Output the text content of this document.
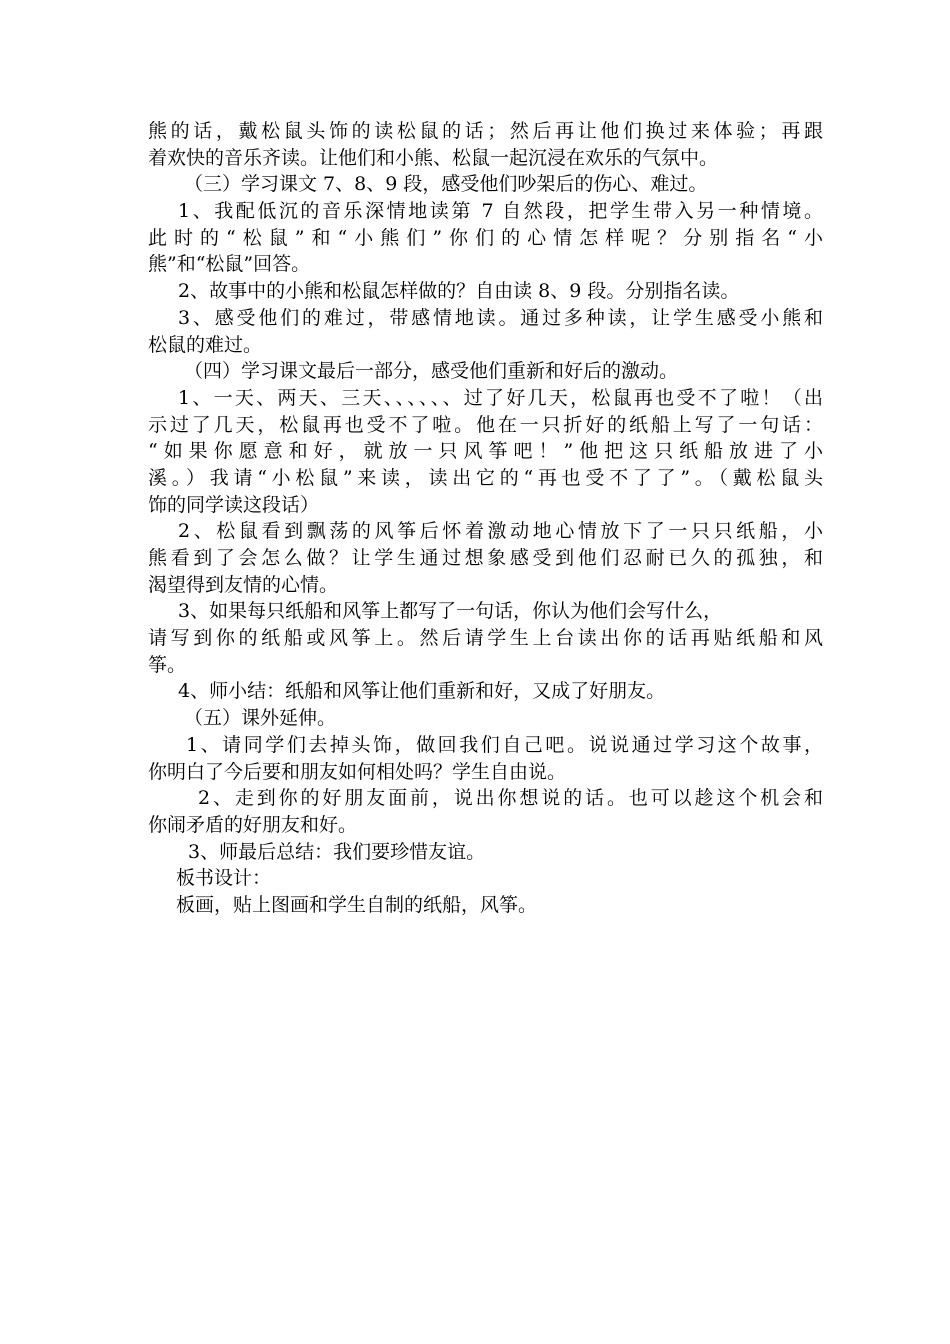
熊的话，戴松鼠头饰的读松鼠的话；然后再让他们换过来体验；再跟
着欢快的音乐齐读。让他们和小熊、松鼠一起沉浸在欢乐的气氛中。
（三）学习课文 7、8、9 段，感受他们吵架后的伤心、难过。
1、我配低沉的音乐深情地读第 7 自然段，把学生带入另一种情境。
此时的“松鼠”和“小熊们”你们的心情怎样呢？分别指名“小
熊”和“松鼠”回答。
2、故事中的小熊和松鼠怎样做的？自由读 8、9 段。分别指名读。
3、感受他们的难过，带感情地读。通过多种读，让学生感受小熊和
松鼠的难过。
（四）学习课文最后一部分，感受他们重新和好后的激动。
1、一天、两天、三天、、、、、、过了好几天，松鼠再也受不了啦！（出
示过了几天，松鼠再也受不了啦。他在一只折好的纸船上写了一句话：
“如果你愿意和好，就放一只风筝吧！”他把这只纸船放进了小
溪。）我请“小松鼠”来读，读出它的“再也受不了了”。（戴松鼠头
饰的同学读这段话）
2、松鼠看到飘荡的风筝后怀着激动地心情放下了一只只纸船，小
熊看到了会怎么做？让学生通过想象感受到他们忍耐已久的孤独，和
渴望得到友情的心情。
3、如果每只纸船和风筝上都写了一句话，你认为他们会写什么，
请写到你的纸船或风筝上。然后请学生上台读出你的话再贴纸船和风
筝。
4、师小结：纸船和风筝让他们重新和好，又成了好朋友。
（五）课外延伸。
1、请同学们去掉头饰，做回我们自己吧。说说通过学习这个故事，
你明白了今后要和朋友如何相处吗？学生自由说。
2、走到你的好朋友面前，说出你想说的话。也可以趁这个机会和
你闹矛盾的好朋友和好。
3、师最后总结：我们要珍惜友谊。
板书设计：
板画，贴上图画和学生自制的纸船，风筝。
